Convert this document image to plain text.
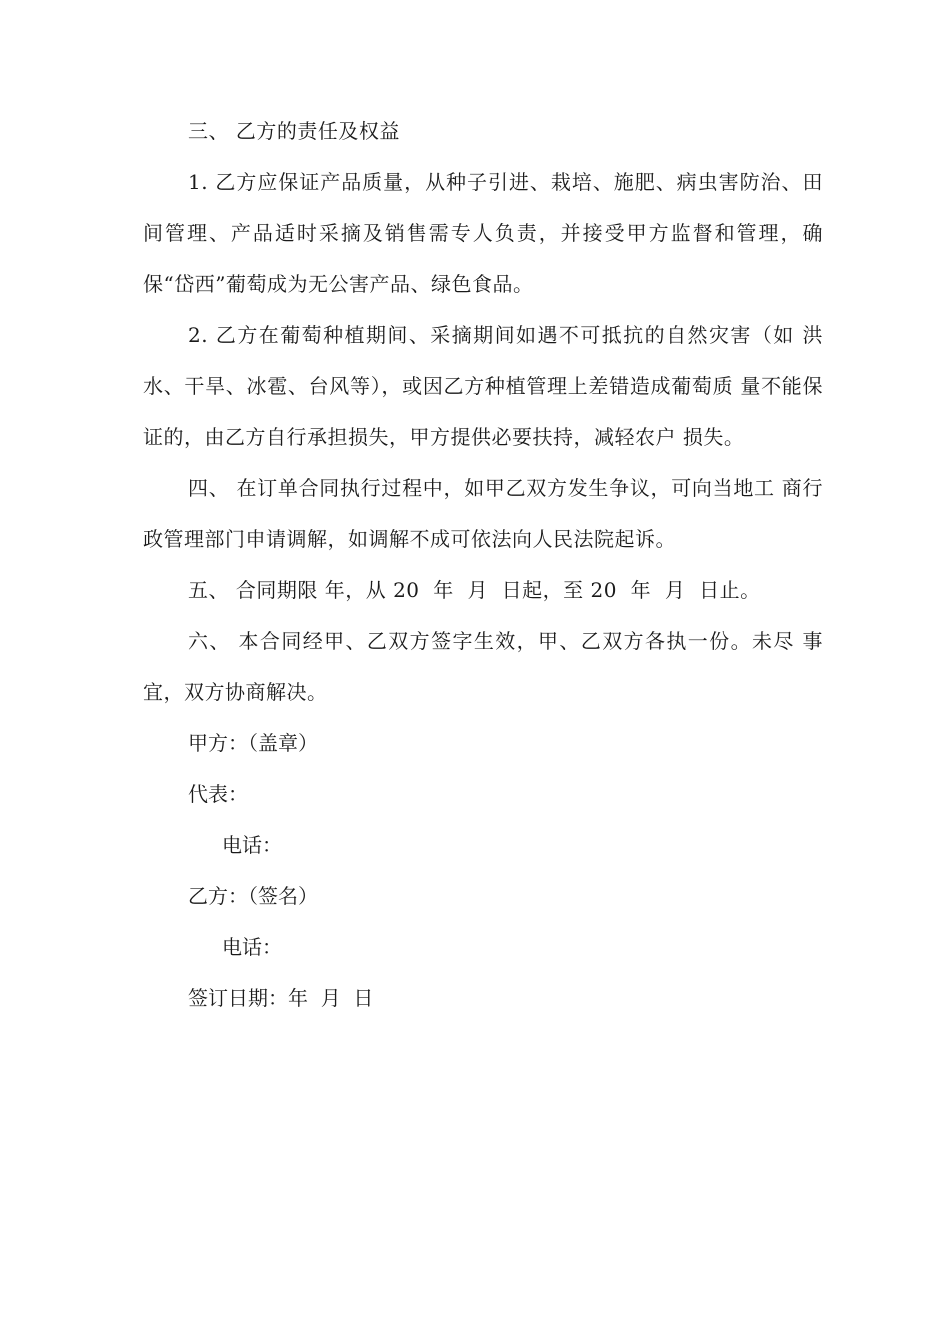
三、 乙方的责任及权益

1. 乙方应保证产品质量，从种子引进、栽培、施肥、病虫害防治、田间管理、产品适时采摘及销售需专人负责，并接受甲方监督和管理，确保“岱西”葡萄成为无公害产品、绿色食品。

2. 乙方在葡萄种植期间、采摘期间如遇不可抵抗的自然灾害（如 洪水、干旱、冰雹、台风等），或因乙方种植管理上差错造成葡萄质 量不能保证的，由乙方自行承担损失，甲方提供必要扶持，减轻农户 损失。

四、 在订单合同执行过程中，如甲乙双方发生争议，可向当地工 商行政管理部门申请调解，如调解不成可依法向人民法院起诉。

五、 合同期限 年，从 20  年  月  日起，至 20  年  月  日止。

六、 本合同经甲、乙双方签字生效，甲、乙双方各执一份。未尽 事宜，双方协商解决。

甲方：（盖章）

代表：

电话：

乙方：（签名）

电话：

签订日期：年  月  日
